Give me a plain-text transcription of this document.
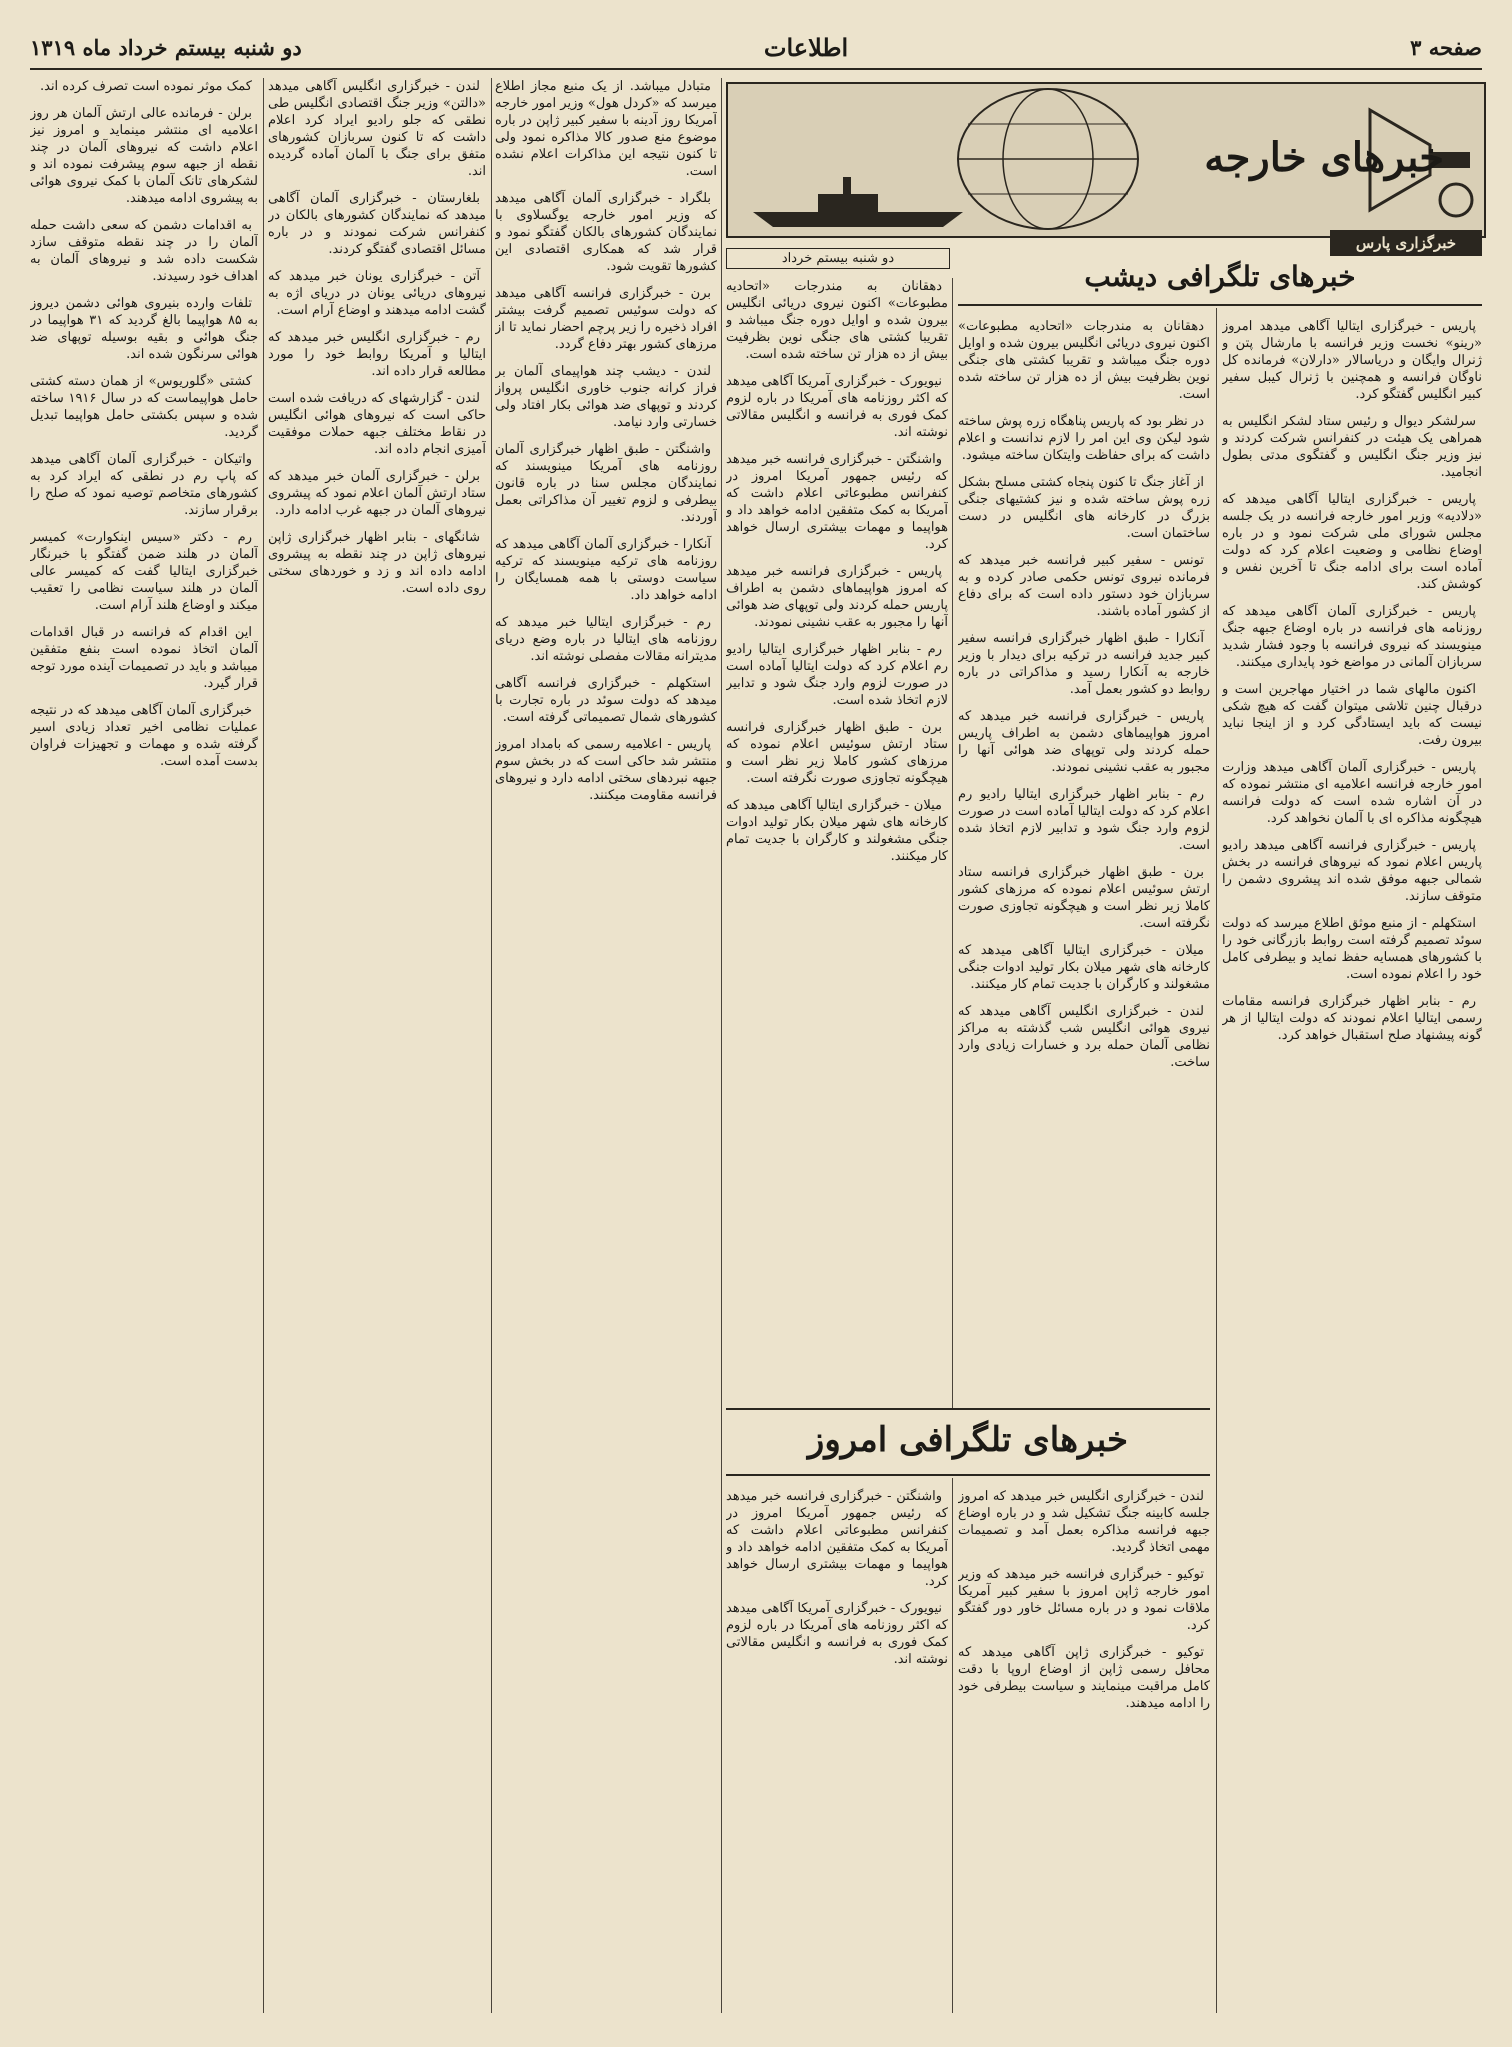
صفحه ۳
اطلاعات
دو شنبه بیستم خرداد ماه ۱۳۱۹
خبرهای خارجه
خبرگزاری پارس
خبرهای تلگرافی دیشب
دو شنبه بیستم خرداد

پاریس - خبرگزاری ایتالیا آگاهی میدهد امروز «رینو» نخست وزیر فرانسه با مارشال پتن و ژنرال وایگان و دریاسالار «دارلان» فرمانده کل ناوگان فرانسه و همچنین با ژنرال کیبل سفیر کبیر انگلیس گفتگو کرد.

سرلشکر دیوال و رئیس ستاد لشکر انگلیس به همراهی یک هیئت در کنفرانس شرکت کردند و نیز وزیر جنگ انگلیس و گفتگوی مدتی بطول انجامید.

پاریس - خبرگزاری ایتالیا آگاهی میدهد که «دلادیه» وزیر امور خارجه فرانسه در یک جلسه مجلس شورای ملی شرکت نمود و در باره اوضاع نظامی و وضعیت اعلام کرد که دولت آماده است برای ادامه جنگ تا آخرین نفس و کوشش کند.

پاریس - خبرگزاری آلمان آگاهی میدهد که روزنامه های فرانسه در باره اوضاع جبهه جنگ مینویسند که نیروی فرانسه با وجود فشار شدید سربازان آلمانی در مواضع خود پایداری میکنند.

اکنون مالهای شما در اختیار مهاجرین است و درقبال چنین تلاشی میتوان گفت که هیچ شکی نیست که باید ایستادگی کرد و از اینجا نباید بیرون رفت.

پاریس - خبرگزاری آلمان آگاهی میدهد وزارت امور خارجه فرانسه اعلامیه ای منتشر نموده که در آن اشاره شده است که دولت فرانسه هیچگونه مذاکره ای با آلمان نخواهد کرد.

پاریس - خبرگزاری فرانسه آگاهی میدهد رادیو پاریس اعلام نمود که نیروهای فرانسه در بخش شمالی جبهه موفق شده اند پیشروی دشمن را متوقف سازند.

استکهلم - از منبع موثق اطلاع میرسد که دولت سوئد تصمیم گرفته است روابط بازرگانی خود را با کشورهای همسایه حفظ نماید و بیطرفی کامل خود را اعلام نموده است.

رم - بنابر اظهار خبرگزاری فرانسه مقامات رسمی ایتالیا اعلام نمودند که دولت ایتالیا از هر گونه پیشنهاد صلح استقبال خواهد کرد.

دهقانان به مندرجات «اتحادیه مطبوعات» اکنون نیروی دریائی انگلیس بیرون شده و اوایل دوره جنگ میباشد و تقریبا کشتی های جنگی نوین بظرفیت بیش از ده هزار تن ساخته شده است.

در نظر بود که پاریس پناهگاه زره پوش ساخته شود لیکن وی این امر را لازم ندانست و اعلام داشت که برای حفاظت وایتکان ساخته میشود.

از آغاز جنگ تا کنون پنجاه کشتی مسلح بشکل زره پوش ساخته شده و نیز کشتیهای جنگی بزرگ در کارخانه های انگلیس در دست ساختمان است.

تونس - سفیر کبیر فرانسه خبر میدهد که فرمانده نیروی تونس حکمی صادر کرده و به سربازان خود دستور داده است که برای دفاع از کشور آماده باشند.

آنکارا - طبق اظهار خبرگزاری فرانسه سفیر کبیر جدید فرانسه در ترکیه برای دیدار با وزیر خارجه به آنکارا رسید و مذاکراتی در باره روابط دو کشور بعمل آمد.

پاریس - خبرگزاری فرانسه خبر میدهد که امروز هواپیماهای دشمن به اطراف پاریس حمله کردند ولی توپهای ضد هوائی آنها را مجبور به عقب نشینی نمودند.

رم - بنابر اظهار خبرگزاری ایتالیا رادیو رم اعلام کرد که دولت ایتالیا آماده است در صورت لزوم وارد جنگ شود و تدابیر لازم اتخاذ شده است.

برن - طبق اظهار خبرگزاری فرانسه ستاد ارتش سوئیس اعلام نموده که مرزهای کشور کاملا زیر نظر است و هیچگونه تجاوزی صورت نگرفته است.

میلان - خبرگزاری ایتالیا آگاهی میدهد که کارخانه های شهر میلان بکار تولید ادوات جنگی مشغولند و کارگران با جدیت تمام کار میکنند.

لندن - خبرگزاری انگلیس آگاهی میدهد که نیروی هوائی انگلیس شب گذشته به مراکز نظامی آلمان حمله برد و خسارات زیادی وارد ساخت.

دهقانان به مندرجات «اتحادیه مطبوعات» اکنون نیروی دریائی انگلیس بیرون شده و اوایل دوره جنگ میباشد و تقریبا کشتی های جنگی نوین بظرفیت بیش از ده هزار تن ساخته شده است.

نیویورک - خبرگزاری آمریکا آگاهی میدهد که اکثر روزنامه های آمریکا در باره لزوم کمک فوری به فرانسه و انگلیس مقالاتی نوشته اند.

واشنگتن - خبرگزاری فرانسه خبر میدهد که رئیس جمهور آمریکا امروز در کنفرانس مطبوعاتی اعلام داشت که آمریکا به کمک متفقین ادامه خواهد داد و هواپیما و مهمات بیشتری ارسال خواهد کرد.

پاریس - خبرگزاری فرانسه خبر میدهد که امروز هواپیماهای دشمن به اطراف پاریس حمله کردند ولی توپهای ضد هوائی آنها را مجبور به عقب نشینی نمودند.

رم - بنابر اظهار خبرگزاری ایتالیا رادیو رم اعلام کرد که دولت ایتالیا آماده است در صورت لزوم وارد جنگ شود و تدابیر لازم اتخاذ شده است.

برن - طبق اظهار خبرگزاری فرانسه ستاد ارتش سوئیس اعلام نموده که مرزهای کشور کاملا زیر نظر است و هیچگونه تجاوزی صورت نگرفته است.

میلان - خبرگزاری ایتالیا آگاهی میدهد که کارخانه های شهر میلان بکار تولید ادوات جنگی مشغولند و کارگران با جدیت تمام کار میکنند.

خبرهای تلگرافی امروز

لندن - خبرگزاری انگلیس خبر میدهد که امروز جلسه کابینه جنگ تشکیل شد و در باره اوضاع جبهه فرانسه مذاکره بعمل آمد و تصمیمات مهمی اتخاذ گردید.

توکیو - خبرگزاری فرانسه خبر میدهد که وزیر امور خارجه ژاپن امروز با سفیر کبیر آمریکا ملاقات نمود و در باره مسائل خاور دور گفتگو کرد.

توکیو - خبرگزاری ژاپن آگاهی میدهد که محافل رسمی ژاپن از اوضاع اروپا با دقت کامل مراقبت مینمایند و سیاست بیطرفی خود را ادامه میدهند.

واشنگتن - خبرگزاری فرانسه خبر میدهد که رئیس جمهور آمریکا امروز در کنفرانس مطبوعاتی اعلام داشت که آمریکا به کمک متفقین ادامه خواهد داد و هواپیما و مهمات بیشتری ارسال خواهد کرد.

نیویورک - خبرگزاری آمریکا آگاهی میدهد که اکثر روزنامه های آمریکا در باره لزوم کمک فوری به فرانسه و انگلیس مقالاتی نوشته اند.

متبادل میباشد. از یک منبع مجاز اطلاع میرسد که «کردل هول» وزیر امور خارجه آمریکا روز آدینه با سفیر کبیر ژاپن در باره موضوع منع صدور کالا مذاکره نمود ولی تا کنون نتیجه این مذاکرات اعلام نشده است.

بلگراد - خبرگزاری آلمان آگاهی میدهد که وزیر امور خارجه یوگسلاوی با نمایندگان کشورهای بالکان گفتگو نمود و قرار شد که همکاری اقتصادی این کشورها تقویت شود.

برن - خبرگزاری فرانسه آگاهی میدهد که دولت سوئیس تصمیم گرفت بیشتر افراد ذخیره را زیر پرچم احضار نماید تا از مرزهای کشور بهتر دفاع گردد.

لندن - دیشب چند هواپیمای آلمان بر فراز کرانه جنوب خاوری انگلیس پرواز کردند و توپهای ضد هوائی بکار افتاد ولی خسارتی وارد نیامد.

واشنگتن - طبق اظهار خبرگزاری آلمان روزنامه های آمریکا مینویسند که نمایندگان مجلس سنا در باره قانون بیطرفی و لزوم تغییر آن مذاکراتی بعمل آوردند.

آنکارا - خبرگزاری آلمان آگاهی میدهد که روزنامه های ترکیه مینویسند که ترکیه سیاست دوستی با همه همسایگان را ادامه خواهد داد.

رم - خبرگزاری ایتالیا خبر میدهد که روزنامه های ایتالیا در باره وضع دریای مدیترانه مقالات مفصلی نوشته اند.

استکهلم - خبرگزاری فرانسه آگاهی میدهد که دولت سوئد در باره تجارت با کشورهای شمال تصمیماتی گرفته است.

پاریس - اعلامیه رسمی که بامداد امروز منتشر شد حاکی است که در بخش سوم جبهه نبردهای سختی ادامه دارد و نیروهای فرانسه مقاومت میکنند.

لندن - خبرگزاری انگلیس آگاهی میدهد «دالتن» وزیر جنگ اقتصادی انگلیس طی نطقی که جلو رادیو ایراد کرد اعلام داشت که تا کنون سربازان کشورهای متفق برای جنگ با آلمان آماده گردیده اند.

بلغارستان - خبرگزاری آلمان آگاهی میدهد که نمایندگان کشورهای بالکان در کنفرانس شرکت نمودند و در باره مسائل اقتصادی گفتگو کردند.

آتن - خبرگزاری یونان خبر میدهد که نیروهای دریائی یونان در دریای اژه به گشت ادامه میدهند و اوضاع آرام است.

رم - خبرگزاری انگلیس خبر میدهد که ایتالیا و آمریکا روابط خود را مورد مطالعه قرار داده اند.

لندن - گزارشهای که دریافت شده است حاکی است که نیروهای هوائی انگلیس در نقاط مختلف جبهه حملات موفقیت آمیزی انجام داده اند.

برلن - خبرگزاری آلمان خبر میدهد که ستاد ارتش آلمان اعلام نمود که پیشروی نیروهای آلمان در جبهه غرب ادامه دارد.

شانگهای - بنابر اظهار خبرگزاری ژاپن نیروهای ژاپن در چند نقطه به پیشروی ادامه داده اند و زد و خوردهای سختی روی داده است.

کمک موثر نموده است تصرف کرده اند.

برلن - فرمانده عالی ارتش آلمان هر روز اعلامیه ای منتشر مینماید و امروز نیز اعلام داشت که نیروهای آلمان در چند نقطه از جبهه سوم پیشرفت نموده اند و لشکرهای تانک آلمان با کمک نیروی هوائی به پیشروی ادامه میدهند.

به اقدامات دشمن که سعی داشت حمله آلمان را در چند نقطه متوقف سازد شکست داده شد و نیروهای آلمان به اهداف خود رسیدند.

تلفات وارده بنیروی هوائی دشمن دیروز به ۸۵ هواپیما بالغ گردید که ۳۱ هواپیما در جنگ هوائی و بقیه بوسیله توپهای ضد هوائی سرنگون شده اند.

کشتی «گلوریوس» از همان دسته کشتی حامل هواپیماست که در سال ۱۹۱۶ ساخته شده و سپس بکشتی حامل هواپیما تبدیل گردید.

واتیکان - خبرگزاری آلمان آگاهی میدهد که پاپ رم در نطقی که ایراد کرد به کشورهای متخاصم توصیه نمود که صلح را برقرار سازند.

رم - دکتر «سیس اینکوارت» کمیسر آلمان در هلند ضمن گفتگو با خبرنگار خبرگزاری ایتالیا گفت که کمیسر عالی آلمان در هلند سیاست نظامی را تعقیب میکند و اوضاع هلند آرام است.

این اقدام که فرانسه در قبال اقدامات آلمان اتخاذ نموده است بنفع متفقین میباشد و باید در تصمیمات آینده مورد توجه قرار گیرد.

خبرگزاری آلمان آگاهی میدهد که در نتیجه عملیات نظامی اخیر تعداد زیادی اسیر گرفته شده و مهمات و تجهیزات فراوان بدست آمده است.
